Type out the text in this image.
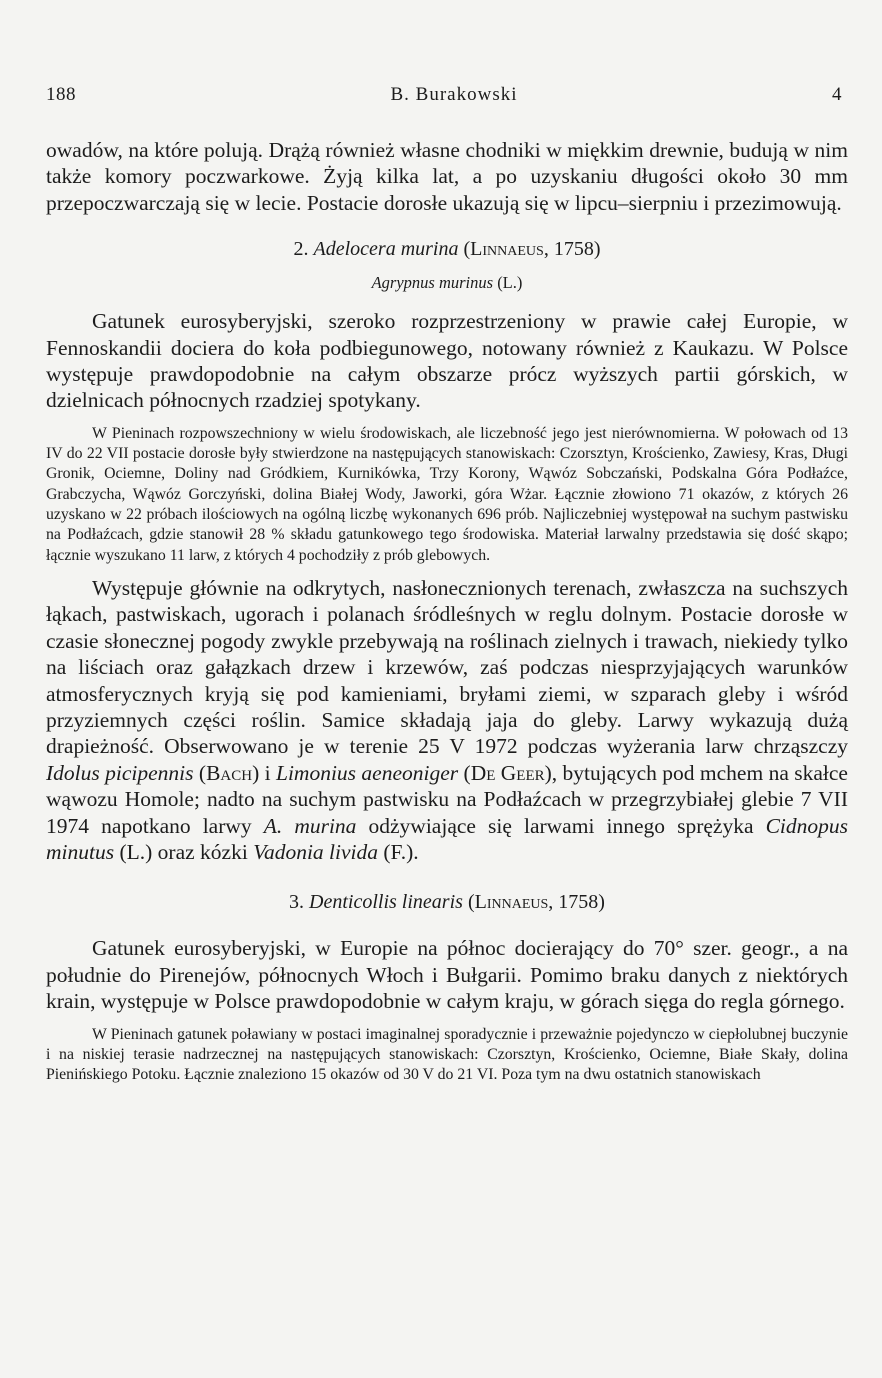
188	B. Burakowski	4

owadów, na które polują. Drążą również własne chodniki w miękkim drewnie, budują w nim także komory poczwarkowe. Żyją kilka lat, a po uzyskaniu długości około 30 mm przepoczwarczają się w lecie. Postacie dorosłe ukazują się w lipcu–sierpniu i przezimowują.

2. Adelocera murina (Linnaeus, 1758)

Agrypnus murinus (L.)

Gatunek eurosyberyjski, szeroko rozprzestrzeniony w prawie całej Europie, w Fennoskandii dociera do koła podbiegunowego, notowany również z Kaukazu. W Polsce występuje prawdopodobnie na całym obszarze prócz wyższych partii górskich, w dzielnicach północnych rzadziej spotykany.

W Pieninach rozpowszechniony w wielu środowiskach, ale liczebność jego jest nierównomierna. W połowach od 13 IV do 22 VII postacie dorosłe były stwierdzone na następujących stanowiskach: Czorsztyn, Krościenko, Zawiesy, Kras, Długi Gronik, Ociemne, Doliny nad Gródkiem, Kurnikówka, Trzy Korony, Wąwóz Sobczański, Podskalna Góra Podłaźce, Grabczycha, Wąwóz Gorczyński, dolina Białej Wody, Jaworki, góra Wżar. Łącznie złowiono 71 okazów, z których 26 uzyskano w 22 próbach ilościowych na ogólną liczbę wykonanych 696 prób. Najliczebniej występował na suchym pastwisku na Podłaźcach, gdzie stanowił 28 % składu gatunkowego tego środowiska. Materiał larwalny przedstawia się dość skąpo; łącznie wyszukano 11 larw, z których 4 pochodziły z prób glebowych.

Występuje głównie na odkrytych, nasłonecznionych terenach, zwłaszcza na suchszych łąkach, pastwiskach, ugorach i polanach śródleśnych w reglu dolnym. Postacie dorosłe w czasie słonecznej pogody zwykle przebywają na roślinach zielnych i trawach, niekiedy tylko na liściach oraz gałązkach drzew i krzewów, zaś podczas niesprzyjających warunków atmosferycznych kryją się pod kamieniami, bryłami ziemi, w szparach gleby i wśród przyziemnych części roślin. Samice składają jaja do gleby. Larwy wykazują dużą drapieżność. Obserwowano je w terenie 25 V 1972 podczas wyżerania larw chrząszczy Idolus picipennis (Bach) i Limonius aeneoniger (De Geer), bytujących pod mchem na skałce wąwozu Homole; nadto na suchym pastwisku na Podłaźcach w przegrzybiałej glebie 7 VII 1974 napotkano larwy A. murina odżywiające się larwami innego sprężyka Cidnopus minutus (L.) oraz kózki Vadonia livida (F.).

3. Denticollis linearis (Linnaeus, 1758)

Gatunek eurosyberyjski, w Europie na północ docierający do 70° szer. geogr., a na południe do Pirenejów, północnych Włoch i Bułgarii. Pomimo braku danych z niektórych krain, występuje w Polsce prawdopodobnie w całym kraju, w górach sięga do regla górnego.

W Pieninach gatunek poławiany w postaci imaginalnej sporadycznie i przeważnie pojedynczo w ciepłolubnej buczynie i na niskiej terasie nadrzecznej na następujących stanowiskach: Czorsztyn, Krościenko, Ociemne, Białe Skały, dolina Pienińskiego Potoku. Łącznie znaleziono 15 okazów od 30 V do 21 VI. Poza tym na dwu ostatnich stanowiskach
